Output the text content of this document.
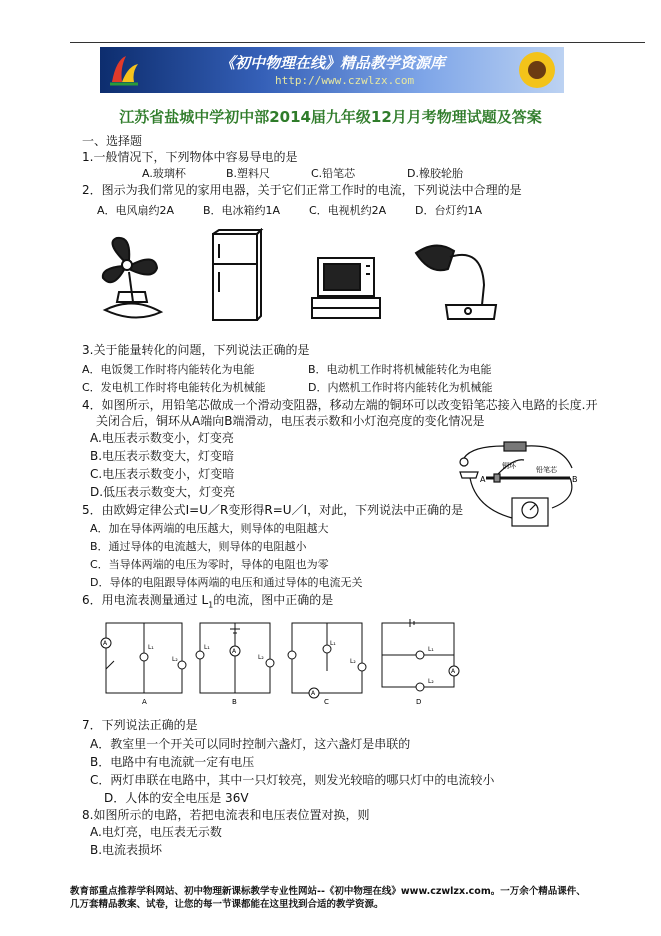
《初中物理在线》精品教学资源库
http://www.czwlzx.com
江苏省盐城中学初中部2014届九年级12月月考物理试题及答案
一、选择题
1.一般情况下，下列物体中容易导电的是
A.玻璃杯	B.塑料尺	C.铅笔芯	D.橡胶轮胎
2．图示为我们常见的家用电器，关于它们正常工作时的电流，下列说法中合理的是
A．电风扇约2A	B．电冰箱约1A	C．电视机约2A	D．台灯约1A
3.关于能量转化的问题，下列说法正确的是
A．电饭煲工作时将内能转化为电能	B．电动机工作时将机械能转化为电能
C．发电机工作时将电能转化为机械能	D．内燃机工作时将内能转化为机械能
4．如图所示，用铅笔芯做成一个滑动变阻器，移动左端的铜环可以改变铅笔芯接入电路的长度.开
关闭合后，铜环从A端向B端滑动，电压表示数和小灯泡亮度的变化情况是
A.电压表示数变小，灯变亮
B.电压表示数变大，灯变暗
C.电压表示数变小，灯变暗
D.低压表示数变大，灯变亮
A	B
铜环	铅笔芯
5．由欧姆定律公式I=U／R变形得R=U／I，对此，下列说法中正确的是
A．加在导体两端的电压越大，则导体的电阻越大
B．通过导体的电流越大，则导体的电阻越小
C．当导体两端的电压为零时，导体的电阻也为零
D．导体的电阻跟导体两端的电压和通过导体的电流无关
6．用电流表测量通过 $L_1$的电流，图中正确的是
A
L₁
L₂
A
L₁
L₂
A
L₁
L₂
A
L₁
L₂
A	B	C	D
7．下列说法正确的是
A．教室里一个开关可以同时控制六盏灯，这六盏灯是串联的
B．电路中有电流就一定有电压
C．两灯串联在电路中，其中一只灯较亮，则发光较暗的哪只灯中的电流较小
D．人体的安全电压是 36V
8.如图所示的电路，若把电流表和电压表位置对换，则
A.电灯亮，电压表无示数
B.电流表损坏
教育部重点推荐学科网站、初中物理新课标教学专业性网站--《初中物理在线》www.czwlzx.com。一万余个精品课件、
几万套精品教案、试卷，让您的每一节课都能在这里找到合适的教学资源。
